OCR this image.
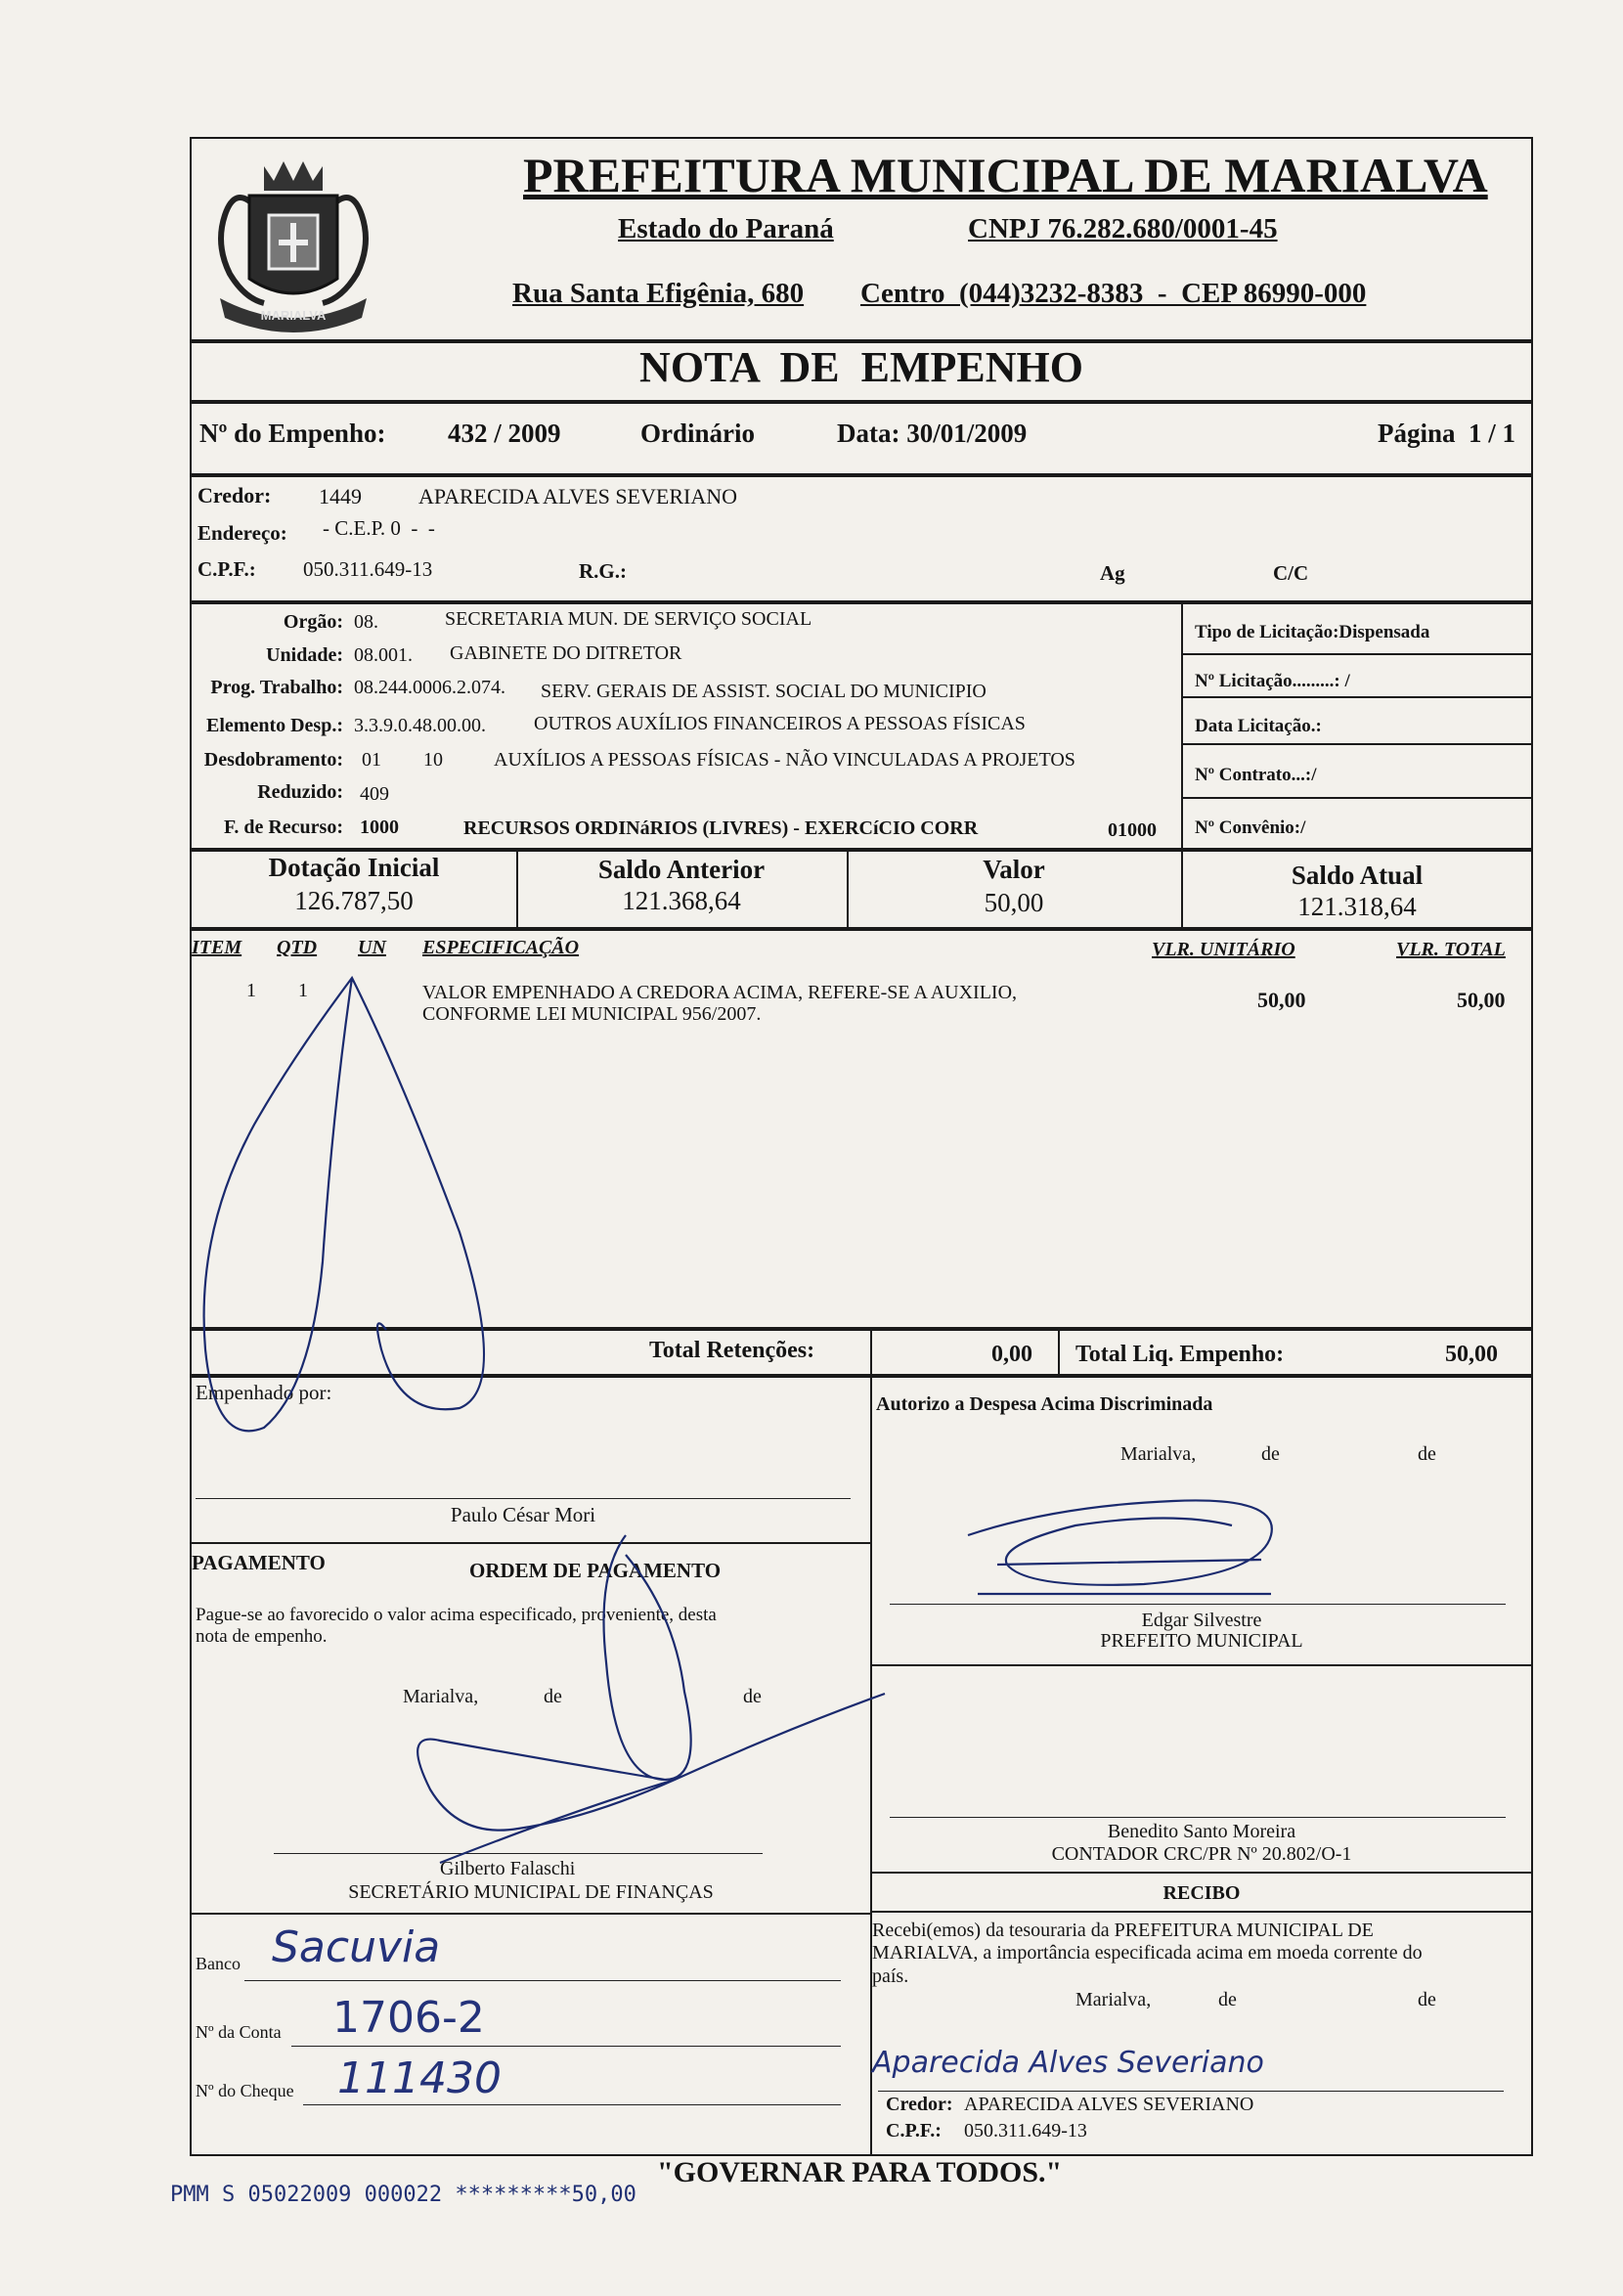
MARIALVA
PREFEITURA MUNICIPAL DE MARIALVA
Estado do Paraná	CNPJ 76.282.680/0001-45
Rua Santa Efigênia, 680 Centro  (044)3232-8383  -  CEP 86990-000
NOTA  DE  EMPENHO
Nº do Empenho: 432 / 2009	Ordinário	Data: 30/01/2009	Página  1 / 1
Credor: 1449	APARECIDA ALVES SEVERIANO
Endereço: - C.E.P. 0  -  -
C.P.F.: 050.311.649-13	R.G.:	Ag	C/C
Orgão: 08.	SECRETARIA MUN. DE SERVIÇO SOCIAL
Unidade: 08.001. GABINETE DO DITRETOR
Prog. Trabalho: 08.244.0006.2.074. SERV. GERAIS DE ASSIST. SOCIAL DO MUNICIPIO
Elemento Desp.: 3.3.9.0.48.00.00. OUTROS AUXÍLIOS FINANCEIROS A PESSOAS FÍSICAS
Desdobramento: 01 10	AUXÍLIOS A PESSOAS FÍSICAS - NÃO VINCULADAS A PROJETOS
Reduzido: 409
F. de Recurso: 1000	RECURSOS ORDINáRIOS (LIVRES) - EXERCíCIO CORR	01000
Tipo de Licitação:Dispensada
Nº Licitação.........: /
Data Licitação.:
Nº Contrato...:/
Nº Convênio:/
Dotação Inicial
126.787,50
Saldo Anterior
121.368,64
Valor
50,00
Saldo Atual
121.318,64
ITEM QTD UN ESPECIFICAÇÃO	VLR. UNITÁRIO	VLR. TOTAL
1 1	VALOR EMPENHADO A CREDORA ACIMA, REFERE-SE A AUXILIO,
CONFORME LEI MUNICIPAL 956/2007.
50,00	50,00
Total Retenções:	0,00 Total Liq. Empenho:	50,00
Empenhado por:
Paulo César Mori
Autorizo a Despesa Acima Discriminada
Marialva,	de	de
Edgar Silvestre
PREFEITO MUNICIPAL
Benedito Santo Moreira
CONTADOR CRC/PR Nº 20.802/O-1
PAGAMENTO	ORDEM DE PAGAMENTO
Pague-se ao favorecido o valor acima especificado, proveniente, desta
nota de empenho.
Marialva,	de	de
Gilberto Falaschi
SECRETÁRIO MUNICIPAL DE FINANÇAS
Banco Sacuvia
Nº da Conta 1706-2
Nº do Cheque 111430
RECIBO
Recebi(emos) da tesouraria da PREFEITURA MUNICIPAL DE
MARIALVA, a importância especificada acima em moeda corrente do
país.
Marialva,	de	de
Aparecida Alves Severiano
Credor: APARECIDA ALVES SEVERIANO
C.P.F.: 050.311.649-13
PMM S 05022009 000022 *********50,00
"GOVERNAR PARA TODOS."
